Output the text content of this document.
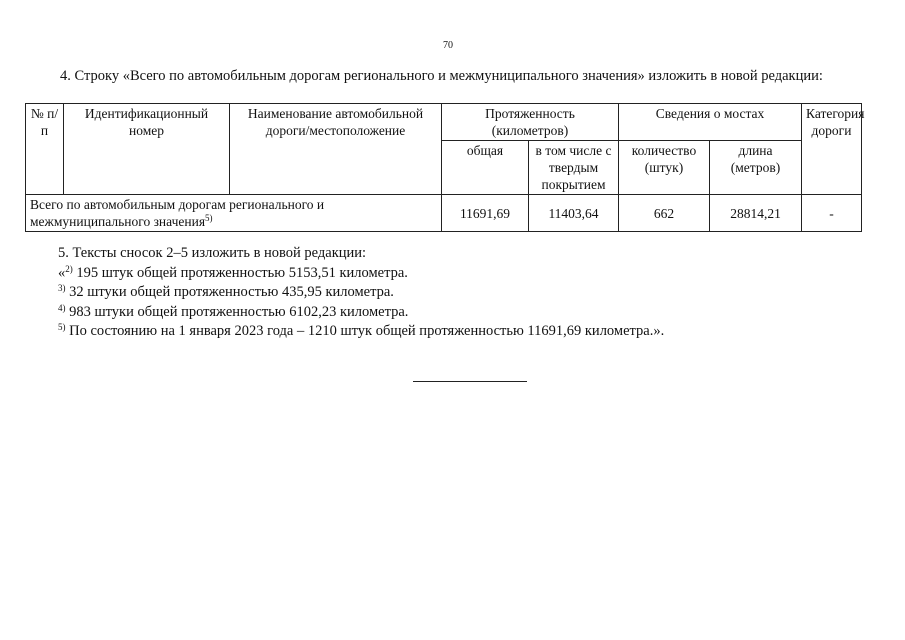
70
4. Строку «Всего по автомобильным дорогам регионального и межмуниципального значения» изложить в новой редакции:
№ п/п	Идентификационный номер	Наименование автомобильной дороги/местоположение	Протяженность (километров)		Сведения о мостах		Категория дороги
			общая	в том числе с твердым покрытием	количество (штук)	длина (метров)	
Всего по автомобильным дорогам регионального и межмуниципального значения$^{5)}$			11691,69	11403,64	662	28814,21	-
5. Тексты сносок 2–5 изложить в новой редакции:
«$^{2)}$ 195 штук общей протяженностью 5153,51 километра.
$^{3)}$ 32 штуки общей протяженностью 435,95 километра.
$^{4)}$ 983 штуки общей протяженностью 6102,23 километра.
$^{5)}$ По состоянию на 1 января 2023 года – 1210 штук общей протяженностью 11691,69 километра.».
